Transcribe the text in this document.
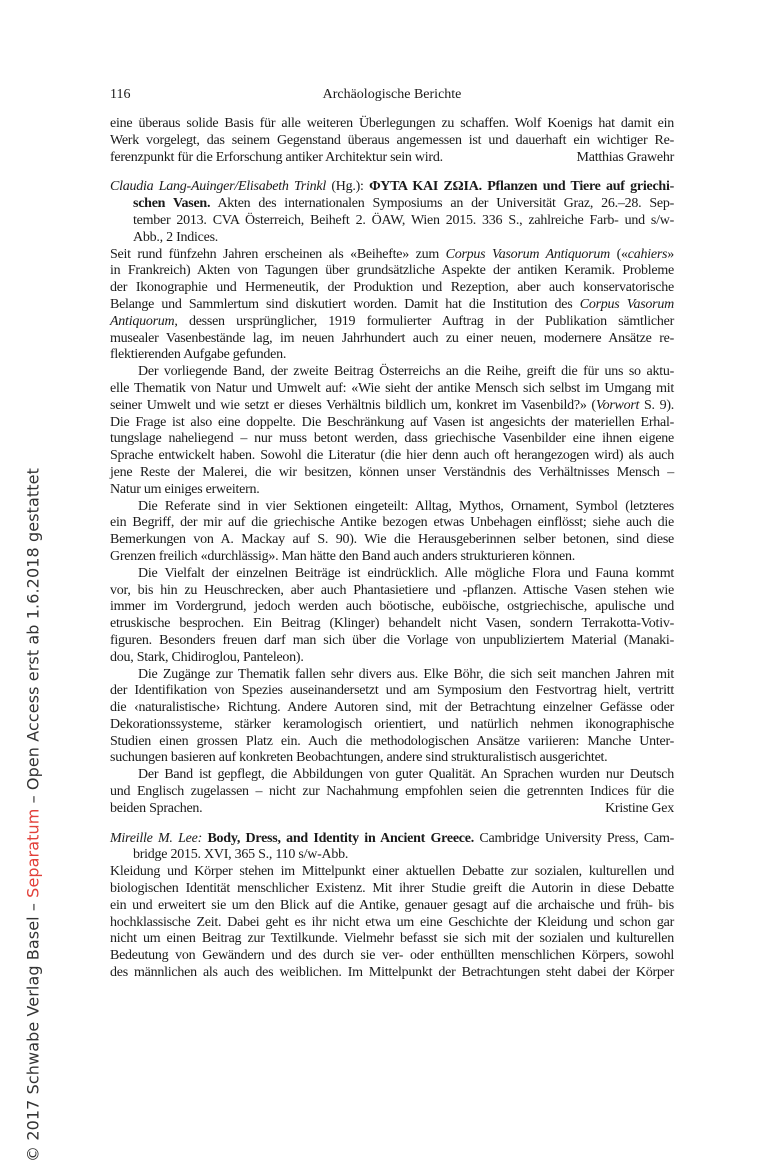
116	Archäologische Berichte
eine überaus solide Basis für alle weiteren Überlegungen zu schaffen. Wolf Koenigs hat damit ein
Werk vorgelegt, das seinem Gegenstand überaus angemessen ist und dauerhaft ein wichtiger Re-
ferenzpunkt für die Erforschung antiker Architektur sein wird.	Matthias Grawehr
Claudia Lang-Auinger/Elisabeth Trinkl (Hg.): ΦΥΤΑ ΚΑΙ ΖΩΙΑ. Pflanzen und Tiere auf griechi-
schen Vasen. Akten des internationalen Symposiums an der Universität Graz, 26.–28. Sep-
tember 2013. CVA Österreich, Beiheft 2. ÖAW, Wien 2015. 336 S., zahlreiche Farb- und s/w-
Abb., 2 Indices.
Seit rund fünfzehn Jahren erscheinen als «Beihefte» zum Corpus Vasorum Antiquorum («cahiers»
in Frankreich) Akten von Tagungen über grundsätzliche Aspekte der antiken Keramik. Probleme
der Ikonographie und Hermeneutik, der Produktion und Rezeption, aber auch konservatorische
Belange und Sammlertum sind diskutiert worden. Damit hat die Institution des Corpus Vasorum
Antiquorum, dessen ursprünglicher, 1919 formulierter Auftrag in der Publikation sämtlicher
musealer Vasenbestände lag, im neuen Jahrhundert auch zu einer neuen, modernere Ansätze re-
flektierenden Aufgabe gefunden.
Der vorliegende Band, der zweite Beitrag Österreichs an die Reihe, greift die für uns so aktu-
elle Thematik von Natur und Umwelt auf: «Wie sieht der antike Mensch sich selbst im Umgang mit
seiner Umwelt und wie setzt er dieses Verhältnis bildlich um, konkret im Vasenbild?» (Vorwort S. 9).
Die Frage ist also eine doppelte. Die Beschränkung auf Vasen ist angesichts der materiellen Erhal-
tungslage naheliegend – nur muss betont werden, dass griechische Vasenbilder eine ihnen eigene
Sprache entwickelt haben. Sowohl die Literatur (die hier denn auch oft herangezogen wird) als auch
jene Reste der Malerei, die wir besitzen, können unser Verständnis des Verhältnisses Mensch –
Natur um einiges erweitern.
Die Referate sind in vier Sektionen eingeteilt: Alltag, Mythos, Ornament, Symbol (letzteres
ein Begriff, der mir auf die griechische Antike bezogen etwas Unbehagen einflösst; siehe auch die
Bemerkungen von A. Mackay auf S. 90). Wie die Herausgeberinnen selber betonen, sind diese
Grenzen freilich «durchlässig». Man hätte den Band auch anders strukturieren können.
Die Vielfalt der einzelnen Beiträge ist eindrücklich. Alle mögliche Flora und Fauna kommt
vor, bis hin zu Heuschrecken, aber auch Phantasietiere und -pflanzen. Attische Vasen stehen wie
immer im Vordergrund, jedoch werden auch böotische, euböische, ostgriechische, apulische und
etruskische besprochen. Ein Beitrag (Klinger) behandelt nicht Vasen, sondern Terrakotta-Votiv-
figuren. Besonders freuen darf man sich über die Vorlage von unpubliziertem Material (Manaki-
dou, Stark, Chidiroglou, Panteleon).
Die Zugänge zur Thematik fallen sehr divers aus. Elke Böhr, die sich seit manchen Jahren mit
der Identifikation von Spezies auseinandersetzt und am Symposium den Festvortrag hielt, vertritt
die ‹naturalistische› Richtung. Andere Autoren sind, mit der Betrachtung einzelner Gefässe oder
Dekorationssysteme, stärker keramologisch orientiert, und natürlich nehmen ikonographische
Studien einen grossen Platz ein. Auch die methodologischen Ansätze variieren: Manche Unter-
suchungen basieren auf konkreten Beobachtungen, andere sind strukturalistisch ausgerichtet.
Der Band ist gepflegt, die Abbildungen von guter Qualität. An Sprachen wurden nur Deutsch
und Englisch zugelassen – nicht zur Nachahmung empfohlen seien die getrennten Indices für die
beiden Sprachen.	Kristine Gex
Mireille M. Lee: Body, Dress, and Identity in Ancient Greece. Cambridge University Press, Cam-
bridge 2015. XVI, 365 S., 110 s/w-Abb.
Kleidung und Körper stehen im Mittelpunkt einer aktuellen Debatte zur sozialen, kulturellen und
biologischen Identität menschlicher Existenz. Mit ihrer Studie greift die Autorin in diese Debatte
ein und erweitert sie um den Blick auf die Antike, genauer gesagt auf die archaische und früh- bis
hochklassische Zeit. Dabei geht es ihr nicht etwa um eine Geschichte der Kleidung und schon gar
nicht um einen Beitrag zur Textilkunde. Vielmehr befasst sie sich mit der sozialen und kulturellen
Bedeutung von Gewändern und des durch sie ver- oder enthüllten menschlichen Körpers, sowohl
des männlichen als auch des weiblichen. Im Mittelpunkt der Betrachtungen steht dabei der Körper
© 2017 Schwabe Verlag Basel – Separatum – Open Access erst ab 1.6.2018 gestattet
